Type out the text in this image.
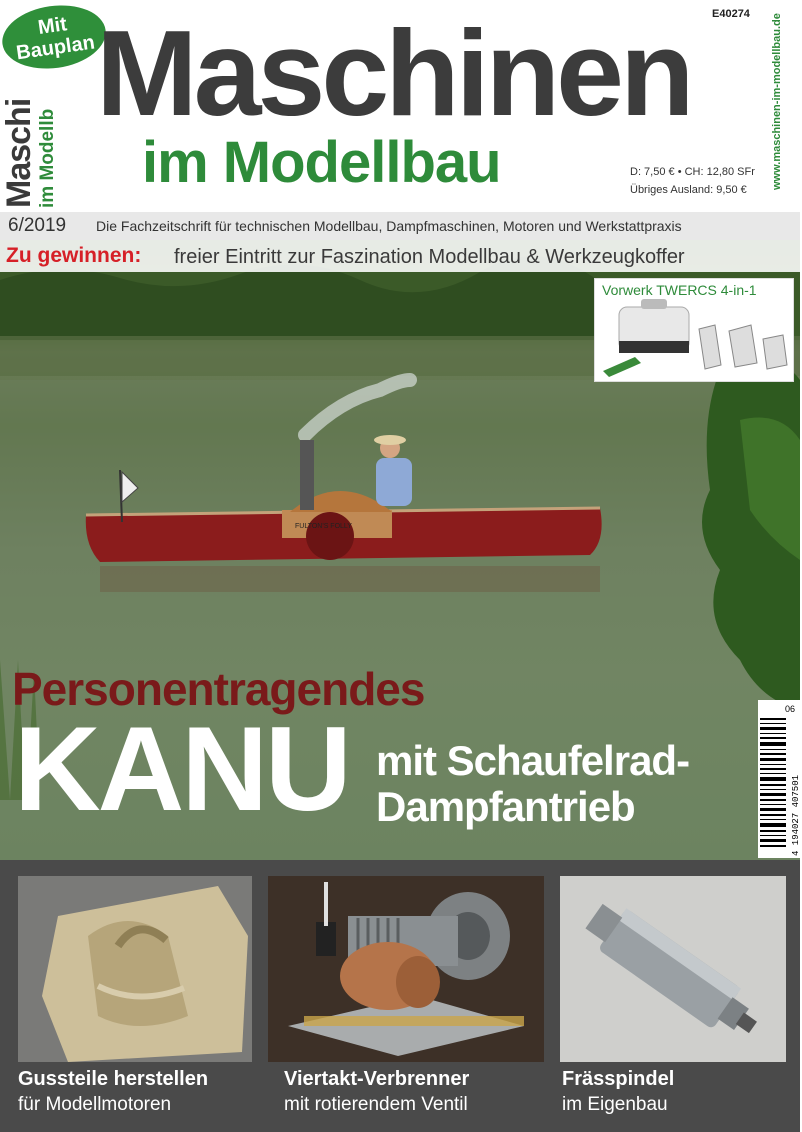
Maschi im Modellb
Mit
Bauplan Maschinen
im Modellbau
E40274
D: 7,50 € • CH: 12,80 SFr
Übriges Ausland: 9,50 €	www.maschinen-im-modellbau.de
6/2019 Die Fachzeitschrift für technischen Modellbau, Dampfmaschinen, Motoren und Werkstattpraxis
FULTON'S FOLLY
Zu gewinnen: freier Eintritt zur Faszination Modellbau & Werkzeugkoffer
Vorwerk TWERCS 4-in-1
Personentragendes
KANU mit Schaufelrad-
Dampfantrieb
06
4 194027 407501
Gussteile herstellen
für Modellmotoren
Viertakt-Verbrenner
mit rotierendem Ventil
Frässpindel
im Eigenbau
